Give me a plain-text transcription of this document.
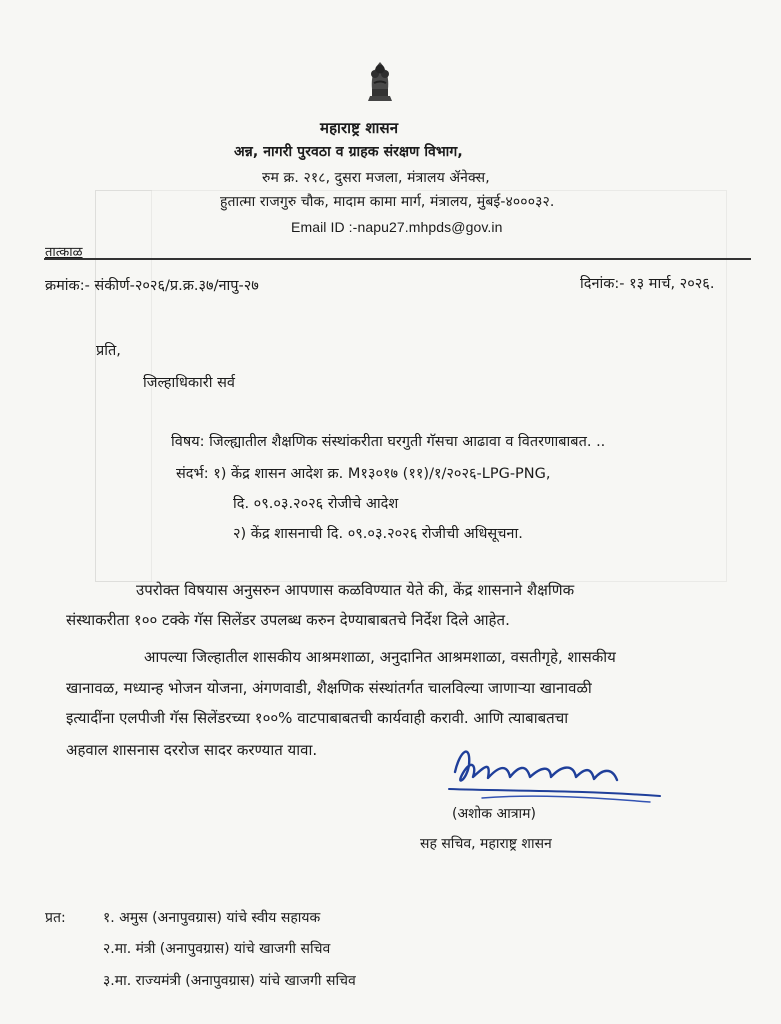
महाराष्ट्र शासन
अन्न, नागरी पुरवठा व ग्राहक संरक्षण विभाग,
रुम क्र. २१८, दुसरा मजला, मंत्रालय ॲनेक्स,
हुतात्मा राजगुरु चौक, मादाम कामा मार्ग, मंत्रालय, मुंबई-४०००३२.
Email ID :-napu27.mhpds@gov.in
तात्काळ
क्रमांक:- संकीर्ण-२०२६/प्र.क्र.३७/नापु-२७	दिनांक:- १३ मार्च, २०२६.
प्रति,
जिल्हाधिकारी सर्व
विषय: जिल्ह्यातील शैक्षणिक संस्थांकरीता घरगुती गॅसचा आढावा व वितरणाबाबत. ..
संदर्भ: १) केंद्र शासन आदेश क्र. M१३०१७ (११)/१/२०२६-LPG-PNG,
दि. ०९.०३.२०२६ रोजीचे आदेश
२) केंद्र शासनाची दि. ०९.०३.२०२६ रोजीची अधिसूचना.
उपरोक्त विषयास अनुसरुन आपणास कळविण्यात येते की, केंद्र शासनाने शैक्षणिक
संस्थाकरीता १०० टक्के गॅस सिलेंडर उपलब्ध करुन देण्याबाबतचे निर्देश दिले आहेत.
आपल्या जिल्हातील शासकीय आश्रमशाळा, अनुदानित आश्रमशाळा, वसतीगृहे, शासकीय
खानावळ, मध्यान्ह भोजन योजना, अंगणवाडी, शैक्षणिक संस्थांतर्गत चालविल्या जाणाऱ्या खानावळी
इत्यादींना एलपीजी गॅस सिलेंडरच्या १००% वाटपाबाबतची कार्यवाही करावी. आणि त्याबाबतचा
अहवाल शासनास दररोज सादर करण्यात यावा.
(अशोक आत्राम)
सह सचिव, महाराष्ट्र शासन
प्रत:	१. अमुस (अनापुवग्रास) यांचे स्वीय सहायक
२.मा. मंत्री (अनापुवग्रास) यांचे खाजगी सचिव
३.मा. राज्यमंत्री (अनापुवग्रास) यांचे खाजगी सचिव
